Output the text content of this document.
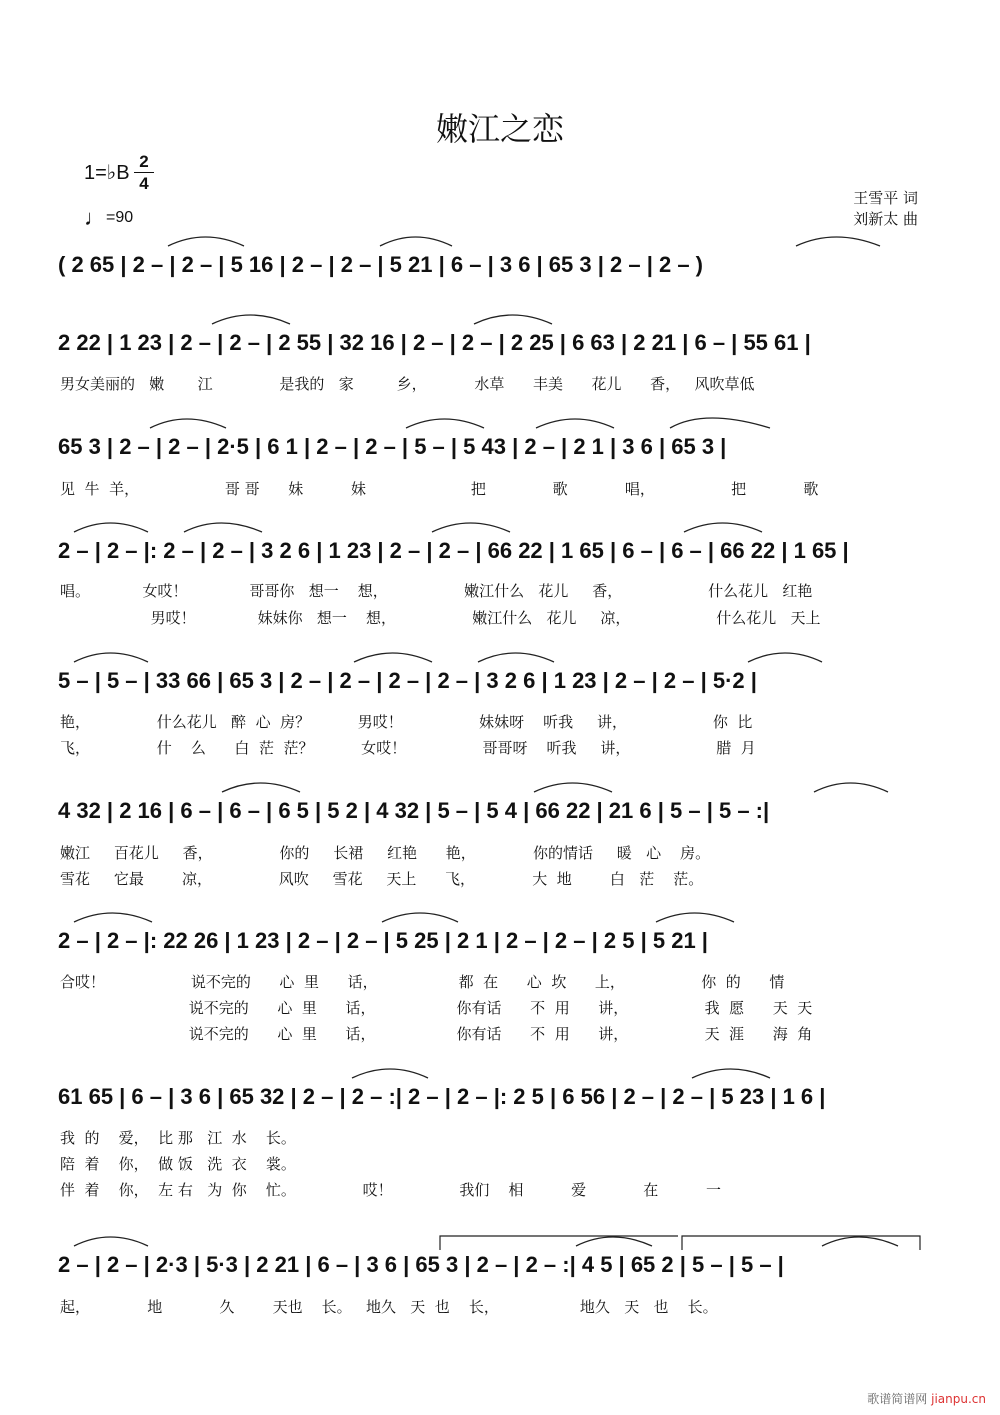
嫩江之恋
1=♭B
2
4
♩=90
王雪平 词
刘新太 曲
( 2 65 | 2 – | 2 – | 5 16 | 2 – | 2 – | 5 21 | 6 – | 3 6 | 65 3 | 2 – | 2 – )
2 22 | 1 23 | 2 – | 2 – | 2 55 | 32 16 | 2 – | 2 – | 2 25 | 6 63 | 2 21 | 6 – | 55 61 |
男女美丽的   嫩       江              是我的   家         乡，          水草      丰美      花儿      香，   风吹草低
65 3 | 2 – | 2 – | 2·5 | 6 1 | 2 – | 2 – | 5 – | 5 43 | 2 – | 2 1 | 3 6 | 65 3 |
见  牛  羊，                  哥 哥      妹          妹                      把              歌            唱，                把            歌
2 – | 2 – |: 2 – | 2 – | 3 2 6 | 1 23 | 2 – | 2 – | 66 22 | 1 65 | 6 – | 6 – | 66 22 | 1 65 |
唱。           女哎！             哥哥你   想一    想，                嫩江什么   花儿     香，                  什么花儿   红艳
男哎！             妹妹你   想一    想，                嫩江什么   花儿     凉，                  什么花儿   天上
5 – | 5 – | 33 66 | 65 3 | 2 – | 2 – | 2 – | 2 – | 3 2 6 | 1 23 | 2 – | 2 – | 5·2 |
艳，              什么花儿   醉  心  房？          男哎！                妹妹呀    听我     讲，                  你  比
飞，              什    么      白  茫  茫？          女哎！                哥哥呀    听我     讲，                  腊  月
4 32 | 2 16 | 6 – | 6 – | 6 5 | 5 2 | 4 32 | 5 – | 5 4 | 66 22 | 21 6 | 5 – | 5 – :|
嫩江     百花儿     香，              你的     长裙     红艳      艳，            你的情话     暖   心    房。
雪花     它最        凉，              风吹     雪花     天上      飞，            大  地        白   茫    茫。
2 – | 2 – |: 22 26 | 1 23 | 2 – | 2 – | 5 25 | 2 1 | 2 – | 2 – | 2 5 | 5 21 |
合哎！                  说不完的      心  里      话，                 都  在      心  坎      上，                你  的      情
说不完的      心  里      话，                 你有话      不  用      讲，                我  愿      天  天
说不完的      心  里      话，                 你有话      不  用      讲，                天  涯      海  角
61 65 | 6 – | 3 6 | 65 32 | 2 – | 2 – :| 2 – | 2 – |: 2 5 | 6 56 | 2 – | 2 – | 5 23 | 1 6 |
我  的    爱，  比 那   江  水    长。
陪  着    你，  做 饭   洗  衣    裳。
伴  着    你，  左 右   为  你    忙。              哎！              我们    相          爱            在          一
2 – | 2 – | 2·3 | 5·3 | 2 21 | 6 – | 3 6 | 65 3 | 2 – | 2 – :| 4 5 | 65 2 | 5 – | 5 – |
起，            地            久        天也    长。   地久   天  也    长，                 地久   天   也    长。
歌谱简谱网 jianpu.cn
